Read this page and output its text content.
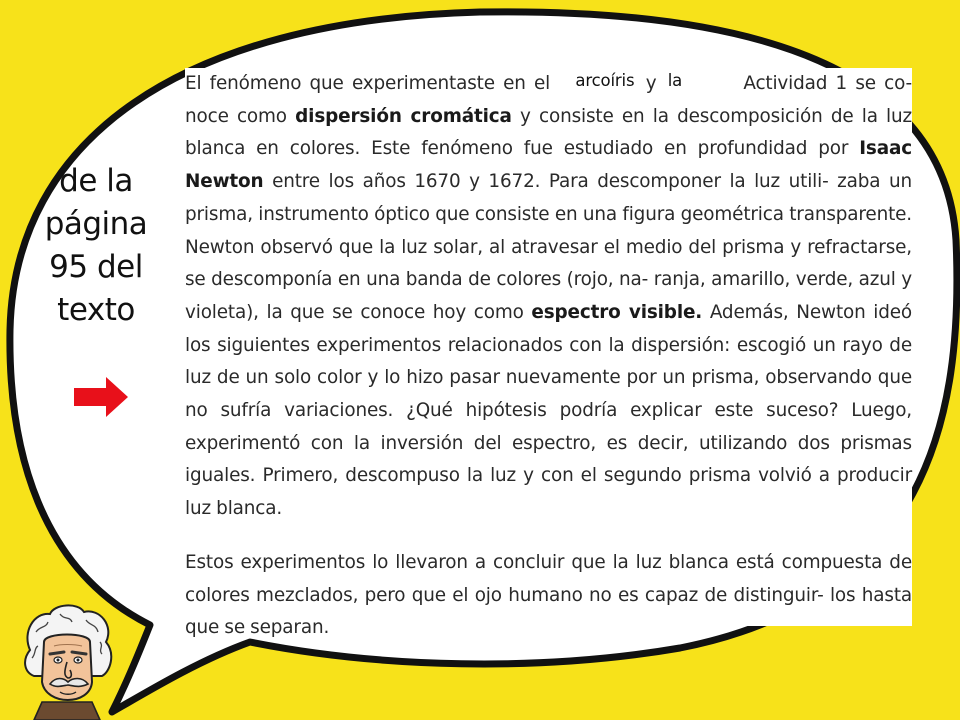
de la
página
95 del
texto

El fenómeno que experimentaste en el arcoíris y la	Actividad 1 se co- noce como dispersión cromática y consiste en la descomposición de la luz blanca en colores. Este fenómeno fue estudiado en profundidad por Isaac Newton entre los años 1670 y 1672. Para descomponer la luz utili- zaba un prisma, instrumento óptico que consiste en una figura geométrica transparente. Newton observó que la luz solar, al atravesar el medio del prisma y refractarse, se descomponía en una banda de colores (rojo, na- ranja, amarillo, verde, azul y violeta), la que se conoce hoy como espectro visible. Además, Newton ideó los siguientes experimentos relacionados con la dispersión: escogió un rayo de luz de un solo color y lo hizo pasar nuevamente por un prisma, observando que no sufría variaciones. ¿Qué hipótesis podría explicar este suceso? Luego, experimentó con la inversión del espectro, es decir, utilizando dos prismas iguales. Primero, descompuso la luz y con el segundo prisma volvió a producir luz blanca.

Estos experimentos lo llevaron a concluir que la luz blanca está compuesta de colores mezclados, pero que el ojo humano no es capaz de distinguir- los hasta que se separan.
